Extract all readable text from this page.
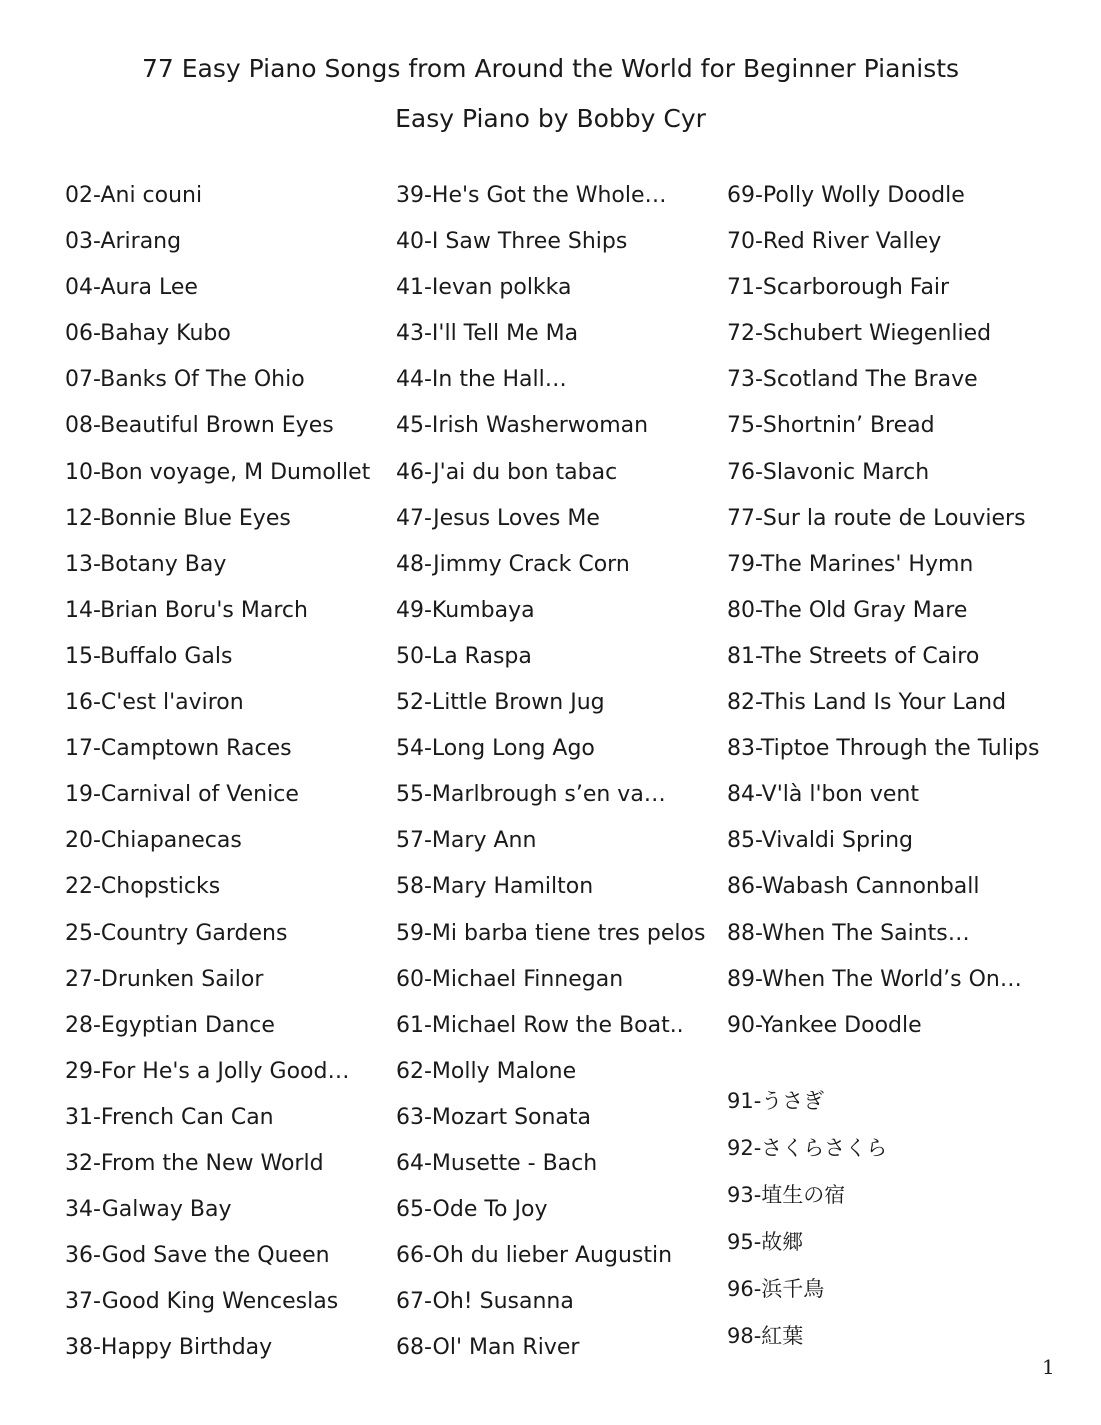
77 Easy Piano Songs from Around the World for Beginner Pianists
Easy Piano by Bobby Cyr
02-Ani couni
03-Arirang
04-Aura Lee
06-Bahay Kubo
07-Banks Of The Ohio
08-Beautiful Brown Eyes
10-Bon voyage, M Dumollet
12-Bonnie Blue Eyes
13-Botany Bay
14-Brian Boru's March
15-Buffalo Gals
16-C'est l'aviron
17-Camptown Races
19-Carnival of Venice
20-Chiapanecas
22-Chopsticks
25-Country Gardens
27-Drunken Sailor
28-Egyptian Dance
29-For He's a Jolly Good…
31-French Can Can
32-From the New World
34-Galway Bay
36-God Save the Queen
37-Good King Wenceslas
38-Happy Birthday
39-He's Got the Whole…
40-I Saw Three Ships
41-Ievan polkka
43-I'll Tell Me Ma
44-In the Hall…
45-Irish Washerwoman
46-J'ai du bon tabac
47-Jesus Loves Me
48-Jimmy Crack Corn
49-Kumbaya
50-La Raspa
52-Little Brown Jug
54-Long Long Ago
55-Marlbrough s’en va…
57-Mary Ann
58-Mary Hamilton
59-Mi barba tiene tres pelos
60-Michael Finnegan
61-Michael Row the Boat..
62-Molly Malone
63-Mozart Sonata
64-Musette - Bach
65-Ode To Joy
66-Oh du lieber Augustin
67-Oh! Susanna
68-Ol' Man River
69-Polly Wolly Doodle
70-Red River Valley
71-Scarborough Fair
72-Schubert Wiegenlied
73-Scotland The Brave
75-Shortnin’ Bread
76-Slavonic March
77-Sur la route de Louviers
79-The Marines' Hymn
80-The Old Gray Mare
81-The Streets of Cairo
82-This Land Is Your Land
83-Tiptoe Through the Tulips
84-V'là l'bon vent
85-Vivaldi Spring
86-Wabash Cannonball
88-When The Saints…
89-When The World’s On…
90-Yankee Doodle
91-うさぎ
92-さくらさくら
93-埴生の宿
95-故郷
96-浜千鳥
98-紅葉
1
